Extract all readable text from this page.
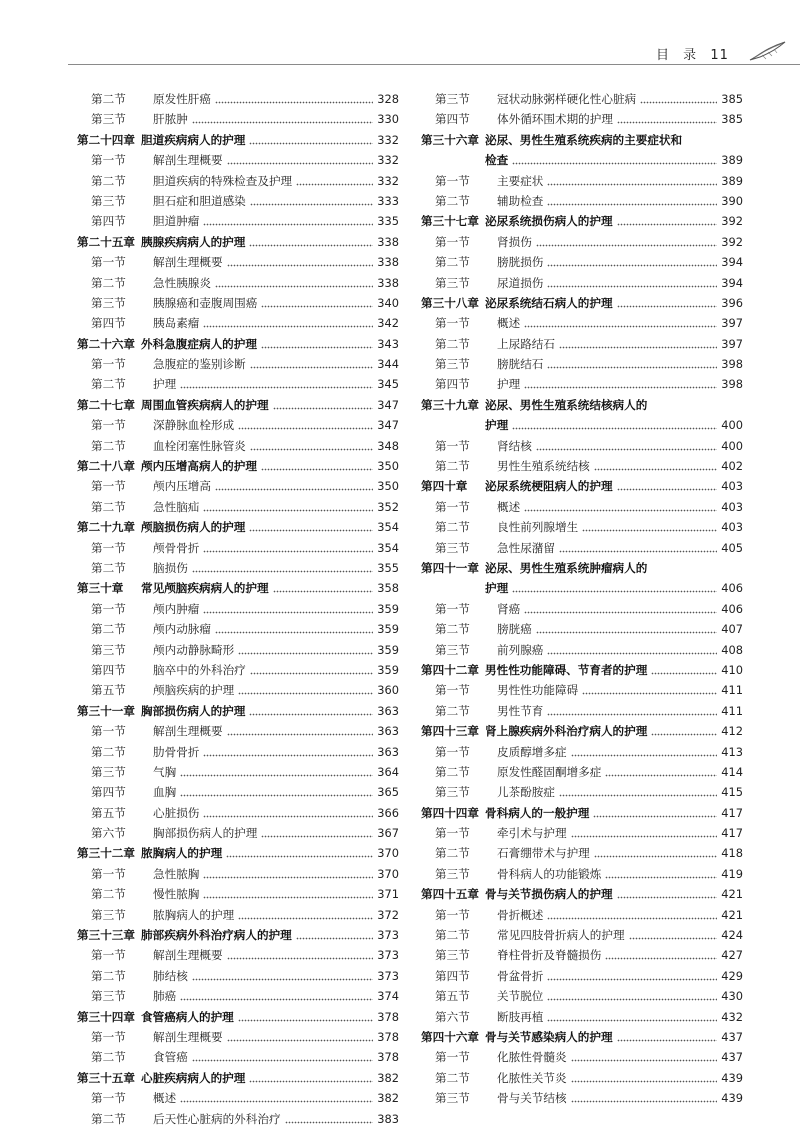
目 录 11
第二节	原发性肝癌	328
第三节	肝脓肿	330
第二十四章 胆道疾病病人的护理	332
第一节	解剖生理概要	332
第二节	胆道疾病的特殊检查及护理	332
第三节	胆石症和胆道感染	333
第四节	胆道肿瘤	335
第二十五章 胰腺疾病病人的护理	338
第一节	解剖生理概要	338
第二节	急性胰腺炎	338
第三节	胰腺癌和壶腹周围癌	340
第四节	胰岛素瘤	342
第二十六章 外科急腹症病人的护理	343
第一节	急腹症的鉴别诊断	344
第二节	护理	345
第二十七章 周围血管疾病病人的护理	347
第一节	深静脉血栓形成	347
第二节	血栓闭塞性脉管炎	348
第二十八章 颅内压增高病人的护理	350
第一节	颅内压增高	350
第二节	急性脑疝	352
第二十九章 颅脑损伤病人的护理	354
第一节	颅骨骨折	354
第二节	脑损伤	355
第三十章	常见颅脑疾病病人的护理	358
第一节	颅内肿瘤	359
第二节	颅内动脉瘤	359
第三节	颅内动静脉畸形	359
第四节	脑卒中的外科治疗	359
第五节	颅脑疾病的护理	360
第三十一章 胸部损伤病人的护理	363
第一节	解剖生理概要	363
第二节	肋骨骨折	363
第三节	气胸	364
第四节	血胸	365
第五节	心脏损伤	366
第六节	胸部损伤病人的护理	367
第三十二章 脓胸病人的护理	370
第一节	急性脓胸	370
第二节	慢性脓胸	371
第三节	脓胸病人的护理	372
第三十三章 肺部疾病外科治疗病人的护理	373
第一节	解剖生理概要	373
第二节	肺结核	373
第三节	肺癌	374
第三十四章 食管癌病人的护理	378
第一节	解剖生理概要	378
第二节	食管癌	378
第三十五章 心脏疾病病人的护理	382
第一节	概述	382
第二节	后天性心脏病的外科治疗	383
第三节	冠状动脉粥样硬化性心脏病	385
第四节	体外循环围术期的护理	385
第三十六章 泌尿、男性生殖系统疾病的主要症状和
检查	389
第一节	主要症状	389
第二节	辅助检查	390
第三十七章 泌尿系统损伤病人的护理	392
第一节	肾损伤	392
第二节	膀胱损伤	394
第三节	尿道损伤	394
第三十八章 泌尿系统结石病人的护理	396
第一节	概述	397
第二节	上尿路结石	397
第三节	膀胱结石	398
第四节	护理	398
第三十九章 泌尿、男性生殖系统结核病人的
护理	400
第一节	肾结核	400
第二节	男性生殖系统结核	402
第四十章	泌尿系统梗阻病人的护理	403
第一节	概述	403
第二节	良性前列腺增生	403
第三节	急性尿潴留	405
第四十一章 泌尿、男性生殖系统肿瘤病人的
护理	406
第一节	肾癌	406
第二节	膀胱癌	407
第三节	前列腺癌	408
第四十二章 男性性功能障碍、节育者的护理	410
第一节	男性性功能障碍	411
第二节	男性节育	411
第四十三章 肾上腺疾病外科治疗病人的护理	412
第一节	皮质醇增多症	413
第二节	原发性醛固酮增多症	414
第三节	儿茶酚胺症	415
第四十四章 骨科病人的一般护理	417
第一节	牵引术与护理	417
第二节	石膏绷带术与护理	418
第三节	骨科病人的功能锻炼	419
第四十五章 骨与关节损伤病人的护理	421
第一节	骨折概述	421
第二节	常见四肢骨折病人的护理	424
第三节	脊柱骨折及脊髓损伤	427
第四节	骨盆骨折	429
第五节	关节脱位	430
第六节	断肢再植	432
第四十六章 骨与关节感染病人的护理	437
第一节	化脓性骨髓炎	437
第二节	化脓性关节炎	439
第三节	骨与关节结核	439
